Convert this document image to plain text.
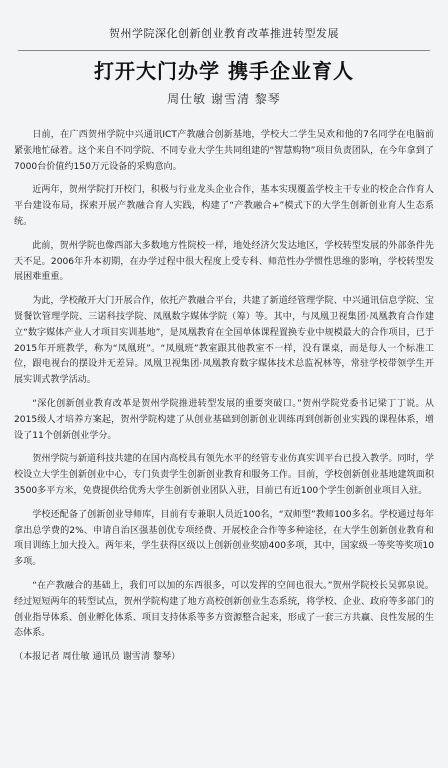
贺州学院深化创新创业教育改革推进转型发展
打开大门办学 携手企业育人
周仕敏 谢雪清 黎琴

日前，在广西贺州学院中兴通讯ICT产教融合创新基地，学校大二学生吴欢和他的7名同学在电脑前紧张地忙碌着。这个来自不同学院、不同专业大学生共同组建的“智慧购物”项目负责团队，在今年拿到了7000台价值约150万元设备的采购意向。

近两年，贺州学院打开校门，积极与行业龙头企业合作，基本实现覆盖学校主干专业的校企合作育人平台建设布局，探索开展产教融合育人实践，构建了“产教融合+”模式下的大学生创新创业育人生态系统。

此前，贺州学院也像西部大多数地方性院校一样，地处经济欠发达地区，学校转型发展的外部条件先天不足。2006年升本初期，在办学过程中很大程度上受专科、师范性办学惯性思维的影响，学校转型发展困难重重。

为此，学校敞开大门开展合作，依托产教融合平台，共建了新道经管理学院、中兴通讯信息学院、宝贤餐饮管理学院、三诺科技学院、凤凰数字媒体学院（筹）等。其中，与凤凰卫视集团·凤凰教育合作建立“数字媒体产业人才项目实训基地”，是凤凰教育在全国单体课程置换专业中规模最大的合作项目，已于2015年开班教学，称为“凤凰班”。“凤凰班”教室跟其他教室不一样，没有课桌，而是每人一个标准工位，跟电视台的摆设并无差异。凤凰卫视集团·凤凰教育数字媒体技术总监祝林等，常驻学校带领学生开展实训式教学活动。

“深化创新创业教育改革是贺州学院推进转型发展的重要突破口。”贺州学院党委书记梁丁丁说。从2015级人才培养方案起，贺州学院构建了从创业基础到创新创业训练再到创新创业实践的课程体系，增设了11个创新创业学分。

贺州学院与新道科技共建的在国内高校具有领先水平的经管专业仿真实训平台已投入教学。同时，学校设立大学生创新创业中心，专门负责学生创新创业教育和服务工作。目前，学校创新创业基地建筑面积3500多平方米，免费提供给优秀大学生创新创业团队入驻，目前已有近100个学生创新创业项目入驻。

学校还配备了创新创业导师库，目前有专兼职人员近100名，“双师型”教师100多名。学校通过每年拿出总学费的2%、申请自治区强基创优专项经费、开展校企合作等多种途径，在大学生创新创业教育和项目训练上加大投入。两年来，学生获得区级以上创新创业奖励400多项，其中，国家级一等奖等奖项10多项。

“在产教融合的基础上，我们可以加的东西很多，可以发挥的空间也很大。”贺州学院校长吴郭泉说。经过短短两年的转型试点，贺州学院构建了地方高校创新创业生态系统，将学校、企业、政府等多部门的创业指导体系、创业孵化体系、项目支持体系等多方资源整合起来，形成了一套三方共赢、良性发展的生态体系。

（本报记者 周仕敏 通讯员 谢雪清 黎琴）
